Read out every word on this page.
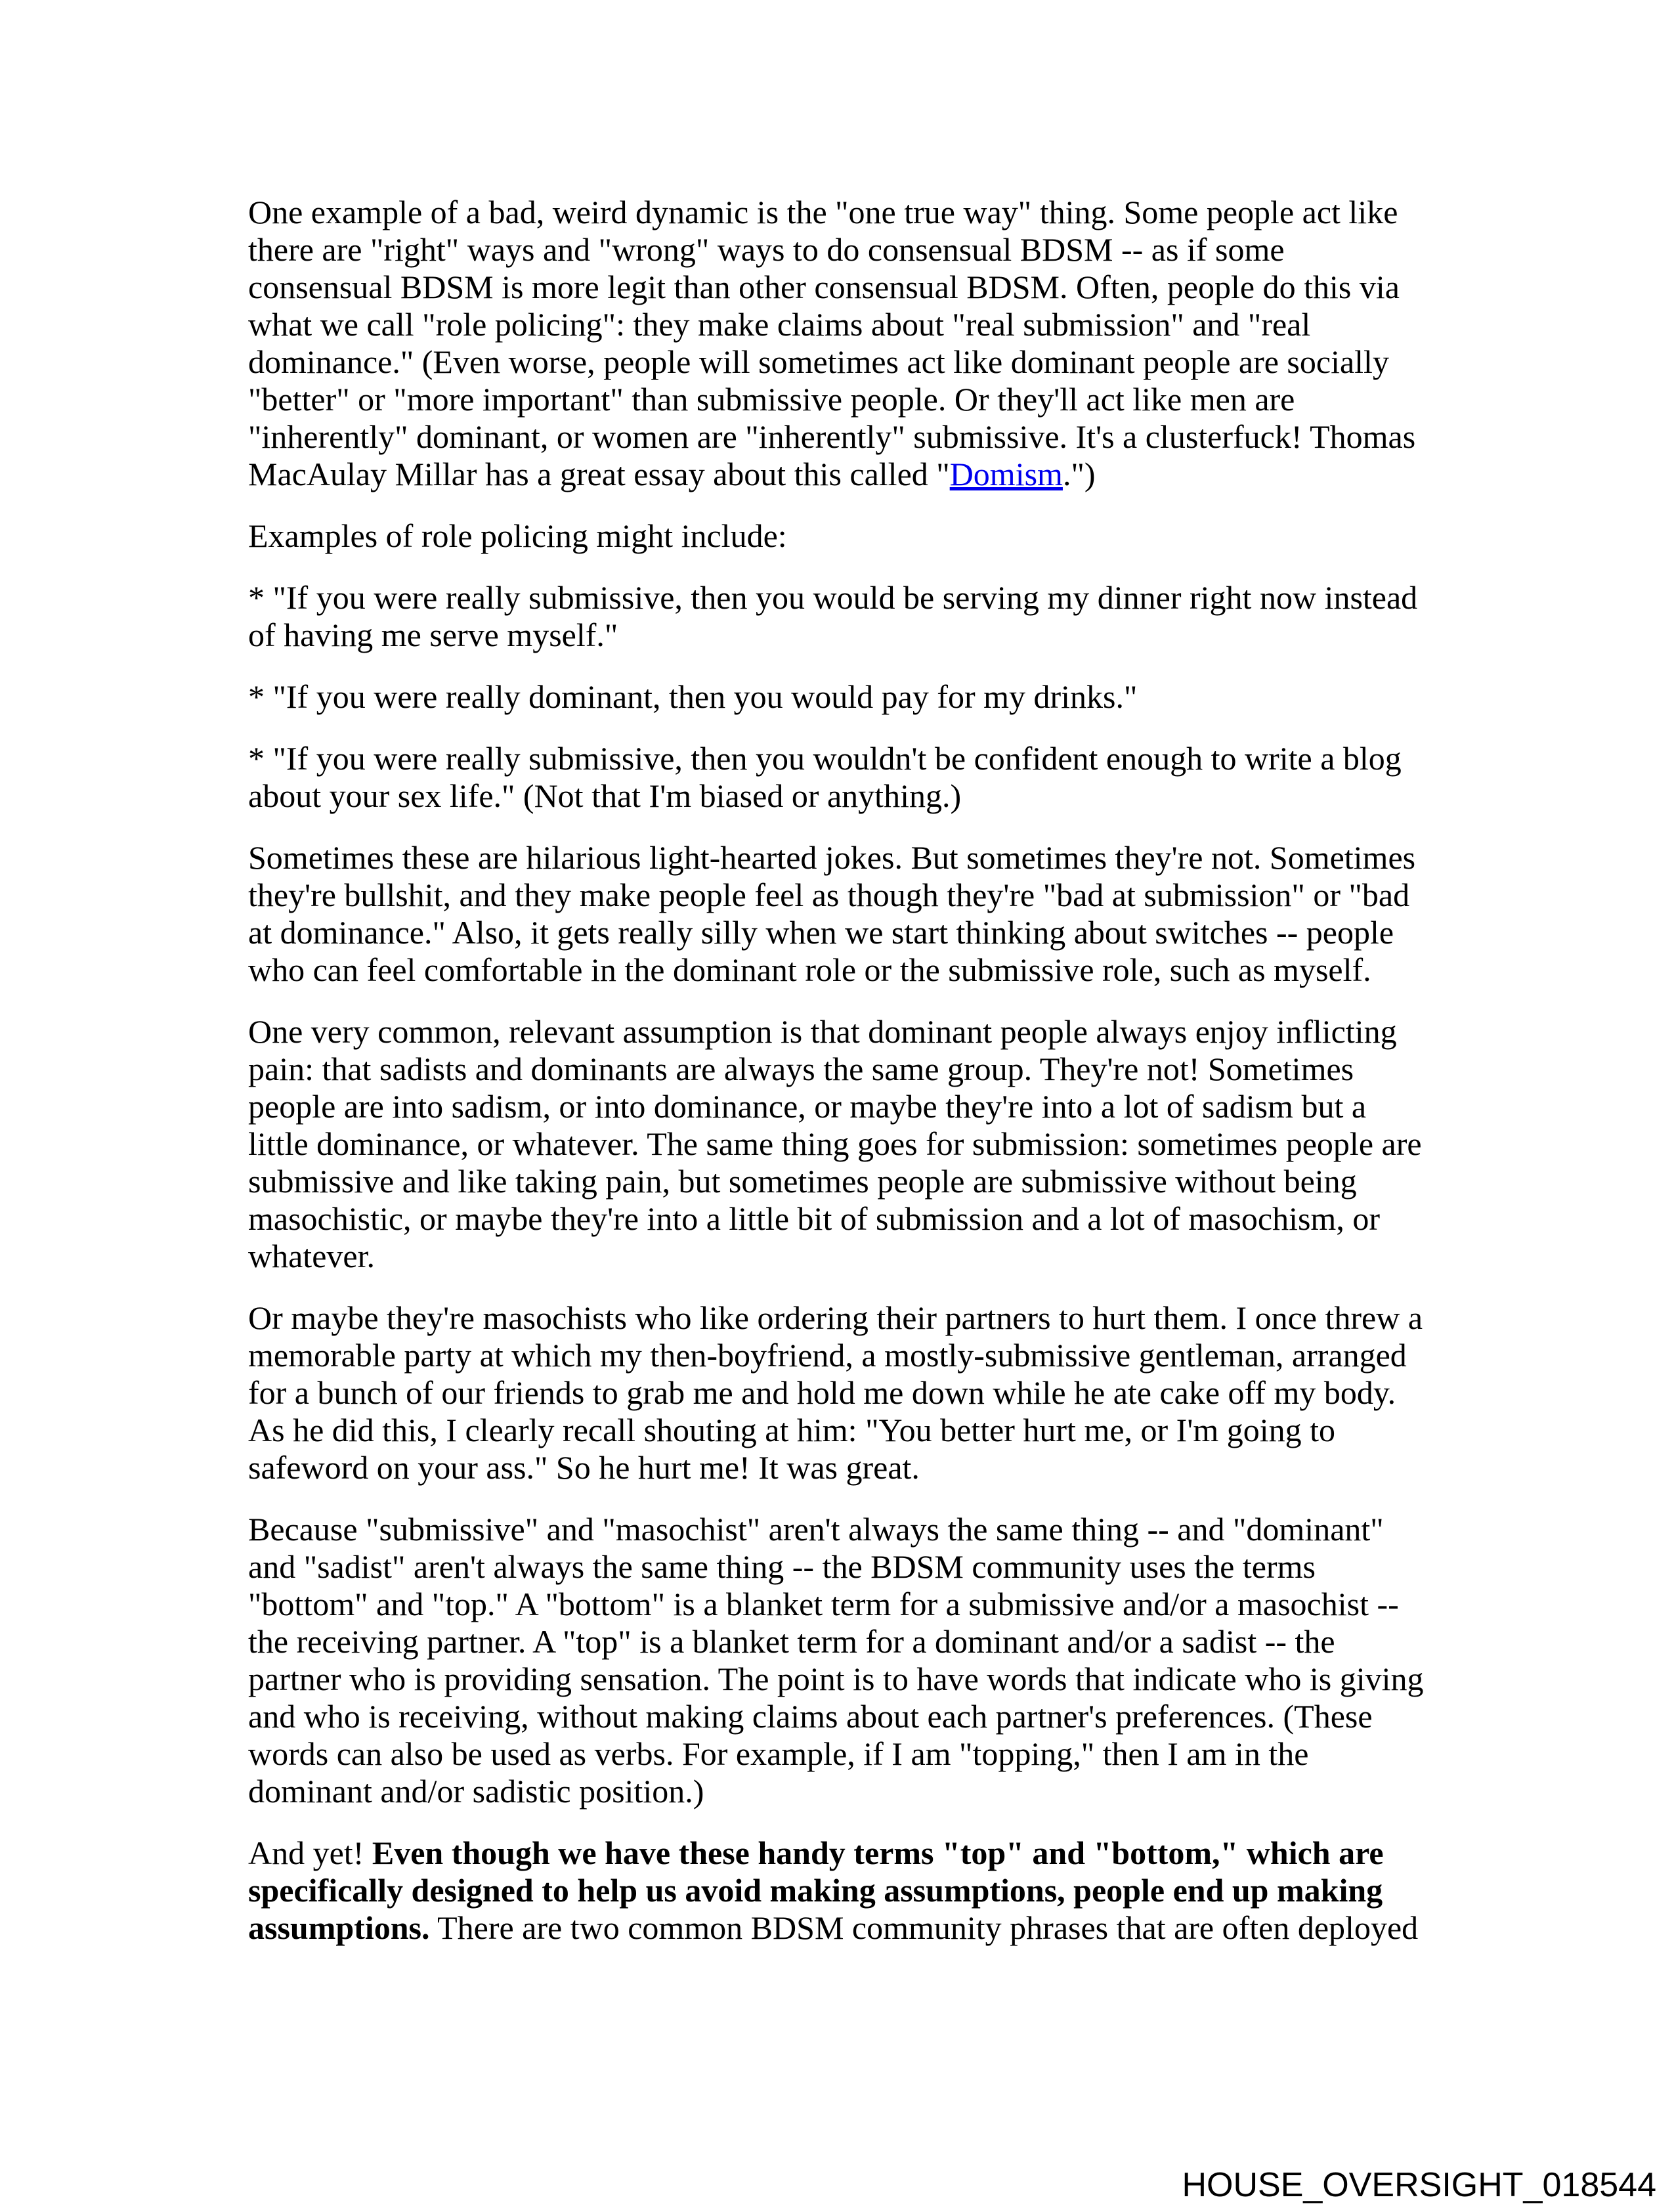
One example of a bad, weird dynamic is the "one true way" thing. Some people act like
there are "right" ways and "wrong" ways to do consensual BDSM -- as if some
consensual BDSM is more legit than other consensual BDSM. Often, people do this via
what we call "role policing": they make claims about "real submission" and "real
dominance." (Even worse, people will sometimes act like dominant people are socially
"better" or "more important" than submissive people. Or they'll act like men are
"inherently" dominant, or women are "inherently" submissive. It's a clusterfuck! Thomas
MacAulay Millar has a great essay about this called "Domism.")

Examples of role policing might include:

* "If you were really submissive, then you would be serving my dinner right now instead
of having me serve myself."

* "If you were really dominant, then you would pay for my drinks."

* "If you were really submissive, then you wouldn't be confident enough to write a blog
about your sex life." (Not that I'm biased or anything.)

Sometimes these are hilarious light-hearted jokes. But sometimes they're not. Sometimes
they're bullshit, and they make people feel as though they're "bad at submission" or "bad
at dominance." Also, it gets really silly when we start thinking about switches -- people
who can feel comfortable in the dominant role or the submissive role, such as myself.

One very common, relevant assumption is that dominant people always enjoy inflicting
pain: that sadists and dominants are always the same group. They're not! Sometimes
people are into sadism, or into dominance, or maybe they're into a lot of sadism but a
little dominance, or whatever. The same thing goes for submission: sometimes people are
submissive and like taking pain, but sometimes people are submissive without being
masochistic, or maybe they're into a little bit of submission and a lot of masochism, or
whatever.

Or maybe they're masochists who like ordering their partners to hurt them. I once threw a
memorable party at which my then-boyfriend, a mostly-submissive gentleman, arranged
for a bunch of our friends to grab me and hold me down while he ate cake off my body.
As he did this, I clearly recall shouting at him: "You better hurt me, or I'm going to
safeword on your ass." So he hurt me! It was great.

Because "submissive" and "masochist" aren't always the same thing -- and "dominant"
and "sadist" aren't always the same thing -- the BDSM community uses the terms
"bottom" and "top." A "bottom" is a blanket term for a submissive and/or a masochist --
the receiving partner. A "top" is a blanket term for a dominant and/or a sadist -- the
partner who is providing sensation. The point is to have words that indicate who is giving
and who is receiving, without making claims about each partner's preferences. (These
words can also be used as verbs. For example, if I am "topping," then I am in the
dominant and/or sadistic position.)

And yet! Even though we have these handy terms "top" and "bottom," which are
specifically designed to help us avoid making assumptions, people end up making
assumptions. There are two common BDSM community phrases that are often deployed

HOUSE_OVERSIGHT_018544
